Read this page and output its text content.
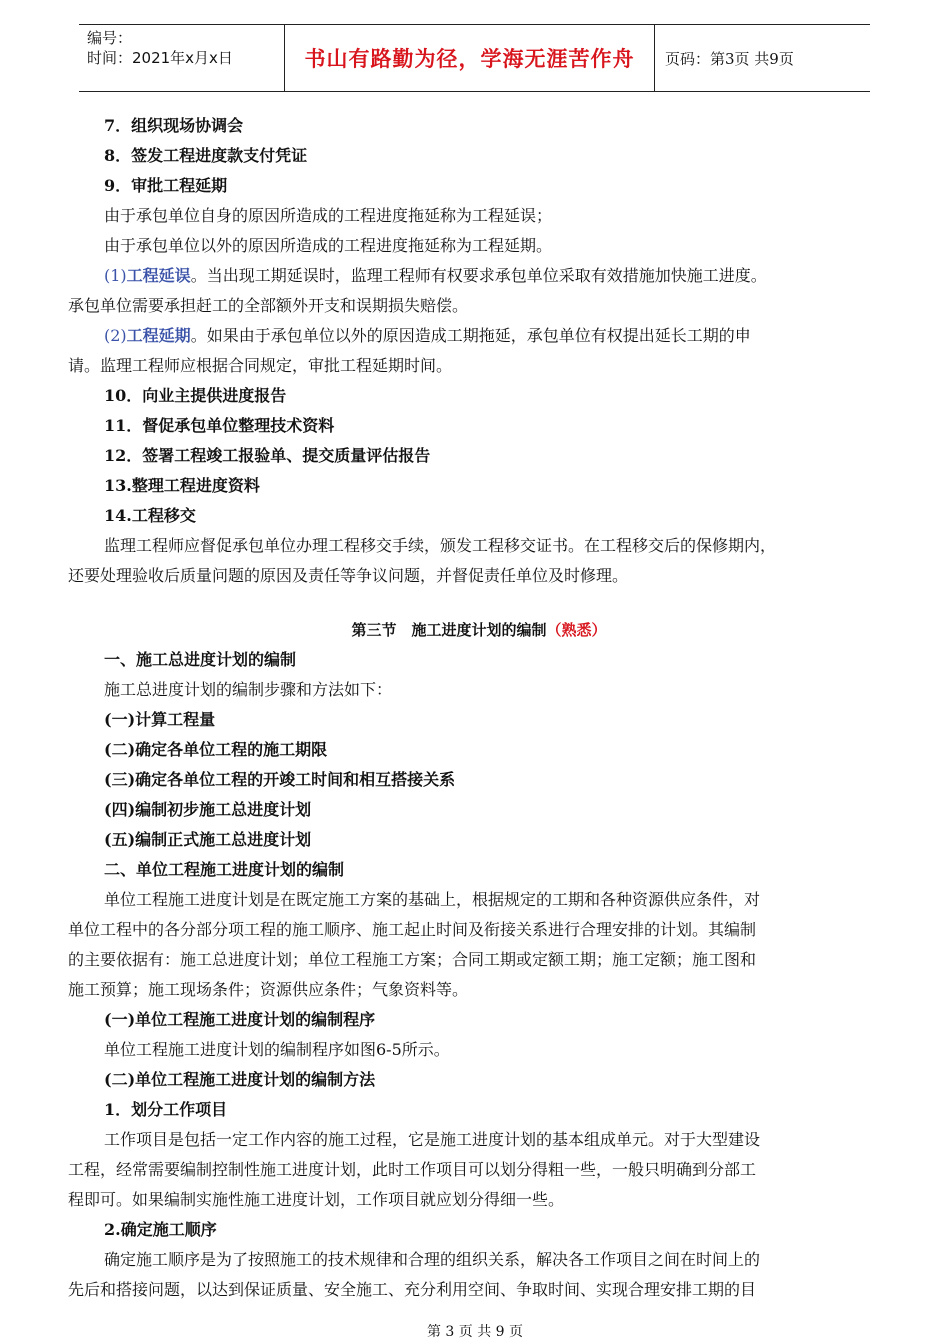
编号：
时间：2021年x月x日	书山有路勤为径，学海无涯苦作舟	页码：第3页 共9页
7．组织现场协调会
8．签发工程进度款支付凭证
9．审批工程延期
由于承包单位自身的原因所造成的工程进度拖延称为工程延误；
由于承包单位以外的原因所造成的工程进度拖延称为工程延期。
(1)工程延误。当出现工期延误时，监理工程师有权要求承包单位采取有效措施加快施工进度。
承包单位需要承担赶工的全部额外开支和误期损失赔偿。
(2)工程延期。如果由于承包单位以外的原因造成工期拖延，承包单位有权提出延长工期的申
请。监理工程师应根据合同规定，审批工程延期时间。
10．向业主提供进度报告
11．督促承包单位整理技术资料
12．签署工程竣工报验单、提交质量评估报告
13.整理工程进度资料
14.工程移交
监理工程师应督促承包单位办理工程移交手续，颁发工程移交证书。在工程移交后的保修期内，
还要处理验收后质量问题的原因及责任等争议问题，并督促责任单位及时修理。
第三节　施工进度计划的编制（熟悉）
一、施工总进度计划的编制
施工总进度计划的编制步骤和方法如下：
(一)计算工程量
(二)确定各单位工程的施工期限
(三)确定各单位工程的开竣工时间和相互搭接关系
(四)编制初步施工总进度计划
(五)编制正式施工总进度计划
二、单位工程施工进度计划的编制
单位工程施工进度计划是在既定施工方案的基础上，根据规定的工期和各种资源供应条件，对
单位工程中的各分部分项工程的施工顺序、施工起止时间及衔接关系进行合理安排的计划。其编制
的主要依据有：施工总进度计划；单位工程施工方案；合同工期或定额工期；施工定额；施工图和
施工预算；施工现场条件；资源供应条件；气象资料等。
(一)单位工程施工进度计划的编制程序
单位工程施工进度计划的编制程序如图6-5所示。
(二)单位工程施工进度计划的编制方法
1．划分工作项目
工作项目是包括一定工作内容的施工过程，它是施工进度计划的基本组成单元。对于大型建设
工程，经常需要编制控制性施工进度计划，此时工作项目可以划分得粗一些，一般只明确到分部工
程即可。如果编制实施性施工进度计划，工作项目就应划分得细一些。
2.确定施工顺序
确定施工顺序是为了按照施工的技术规律和合理的组织关系，解决各工作项目之间在时间上的
先后和搭接问题，以达到保证质量、安全施工、充分利用空间、争取时间、实现合理安排工期的目
第 3 页 共 9 页
